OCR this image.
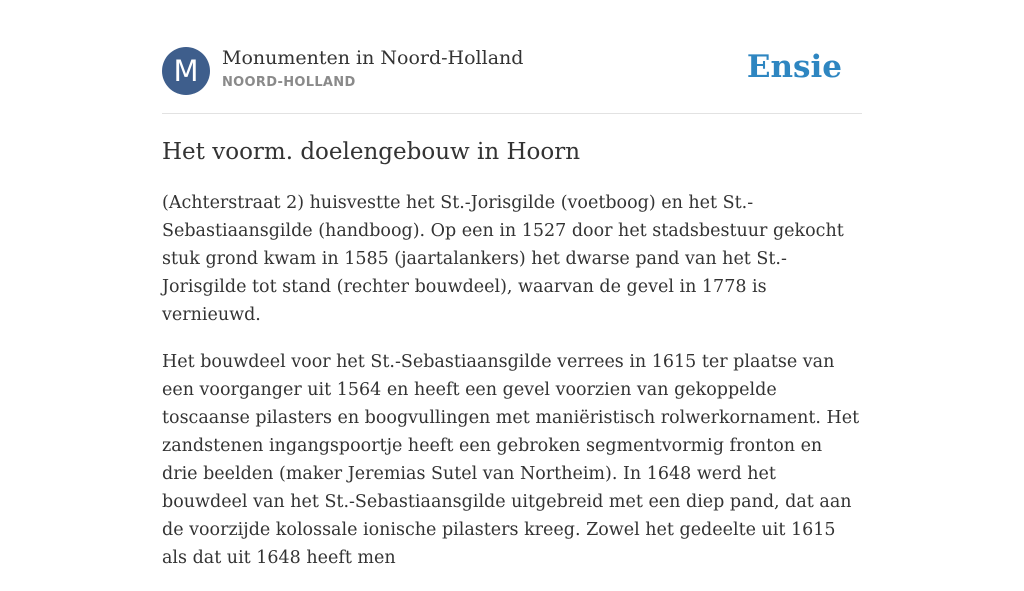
M	Monumenten in Noord-Holland
NOORD-HOLLAND	Ensie
Het voorm. doelengebouw in Hoorn

(Achterstraat 2) huisvestte het St.-Jorisgilde (voetboog) en het St.-Sebastiaansgilde (handboog). Op een in 1527 door het stadsbestuur gekocht stuk grond kwam in 1585 (jaartalankers) het dwarse pand van het St.-Jorisgilde tot stand (rechter bouwdeel), waarvan de gevel in 1778 is vernieuwd.

Het bouwdeel voor het St.-Sebastiaansgilde verrees in 1615 ter plaatse van een voorganger uit 1564 en heeft een gevel voorzien van gekoppelde toscaanse pilasters en boogvullingen met maniëristisch rolwerkornament. Het zandstenen ingangspoortje heeft een gebroken segmentvormig fronton en drie beelden (maker Jeremias Sutel van Northeim). In 1648 werd het bouwdeel van het St.-Sebastiaansgilde uitgebreid met een diep pand, dat aan de voorzijde kolossale ionische pilasters kreeg. Zowel het gedeelte uit 1615 als dat uit 1648 heeft men
